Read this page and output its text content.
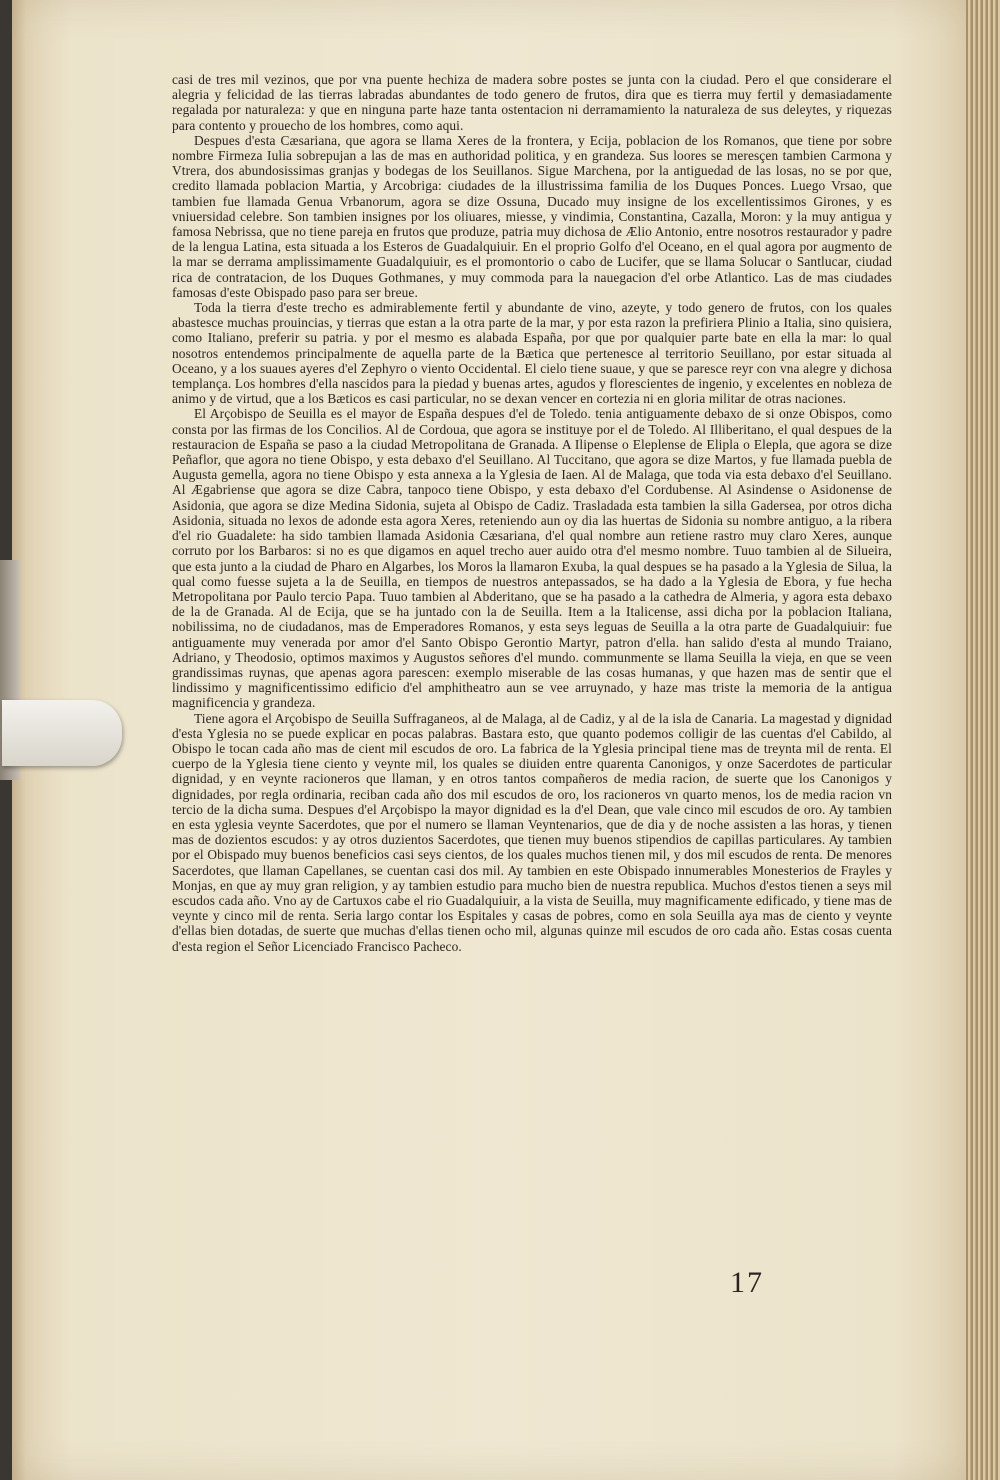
casi de tres mil vezinos, que por vna puente hechiza de madera sobre postes se junta con la ciudad. Pero el que considerare el alegria y felicidad de las tierras labradas abundantes de todo genero de frutos, dira que es tierra muy fertil y demasiadamente regalada por naturaleza: y que en ninguna parte haze tanta ostentacion ni derramamiento la naturaleza de sus deleytes, y riquezas para contento y prouecho de los hombres, como aqui.

Despues d'esta Cæsariana, que agora se llama Xeres de la frontera, y Ecija, poblacion de los Romanos, que tiene por sobre nombre Firmeza Iulia sobrepujan a las de mas en authoridad politica, y en grandeza. Sus loores se meresçen tambien Carmona y Vtrera, dos abundosissimas granjas y bodegas de los Seuillanos. Sigue Marchena, por la antiguedad de las losas, no se por que, credito llamada poblacion Martia, y Arcobriga: ciudades de la illustrissima familia de los Duques Ponces. Luego Vrsao, que tambien fue llamada Genua Vrbanorum, agora se dize Ossuna, Ducado muy insigne de los excellentissimos Girones, y es vniuersidad celebre. Son tambien insignes por los oliuares, miesse, y vindimia, Constantina, Cazalla, Moron: y la muy antigua y famosa Nebrissa, que no tiene pareja en frutos que produze, patria muy dichosa de Ælio Antonio, entre nosotros restaurador y padre de la lengua Latina, esta situada a los Esteros de Guadalquiuir. En el proprio Golfo d'el Oceano, en el qual agora por augmento de la mar se derrama amplissimamente Guadalquiuir, es el promontorio o cabo de Lucifer, que se llama Solucar o Santlucar, ciudad rica de contratacion, de los Duques Gothmanes, y muy commoda para la nauegacion d'el orbe Atlantico. Las de mas ciudades famosas d'este Obispado paso para ser breue.

Toda la tierra d'este trecho es admirablemente fertil y abundante de vino, azeyte, y todo genero de frutos, con los quales abastesce muchas prouincias, y tierras que estan a la otra parte de la mar, y por esta razon la prefiriera Plinio a Italia, sino quisiera, como Italiano, preferir su patria. y por el mesmo es alabada España, por que por qualquier parte bate en ella la mar: lo qual nosotros entendemos principalmente de aquella parte de la Bætica que pertenesce al territorio Seuillano, por estar situada al Oceano, y a los suaues ayeres d'el Zephyro o viento Occidental. El cielo tiene suaue, y que se paresce reyr con vna alegre y dichosa templança. Los hombres d'ella nascidos para la piedad y buenas artes, agudos y florescientes de ingenio, y excelentes en nobleza de animo y de virtud, que a los Bæticos es casi particular, no se dexan vencer en cortezia ni en gloria militar de otras naciones.

El Arçobispo de Seuilla es el mayor de España despues d'el de Toledo. tenia antiguamente debaxo de si onze Obispos, como consta por las firmas de los Concilios. Al de Cordoua, que agora se instituye por el de Toledo. Al Illiberitano, el qual despues de la restauracion de España se paso a la ciudad Metropolitana de Granada. A Ilipense o Eleplense de Elipla o Elepla, que agora se dize Peñaflor, que agora no tiene Obispo, y esta debaxo d'el Seuillano. Al Tuccitano, que agora se dize Martos, y fue llamada puebla de Augusta gemella, agora no tiene Obispo y esta annexa a la Yglesia de Iaen. Al de Malaga, que toda via esta debaxo d'el Seuillano. Al Ægabriense que agora se dize Cabra, tanpoco tiene Obispo, y esta debaxo d'el Cordubense. Al Asindense o Asidonense de Asidonia, que agora se dize Medina Sidonia, sujeta al Obispo de Cadiz. Trasladada esta tambien la silla Gadersea, por otros dicha Asidonia, situada no lexos de adonde esta agora Xeres, reteniendo aun oy dia las huertas de Sidonia su nombre antiguo, a la ribera d'el rio Guadalete: ha sido tambien llamada Asidonia Cæsariana, d'el qual nombre aun retiene rastro muy claro Xeres, aunque corruto por los Barbaros: si no es que digamos en aquel trecho auer auido otra d'el mesmo nombre. Tuuo tambien al de Silueira, que esta junto a la ciudad de Pharo en Algarbes, los Moros la llamaron Exuba, la qual despues se ha pasado a la Yglesia de Silua, la qual como fuesse sujeta a la de Seuilla, en tiempos de nuestros antepassados, se ha dado a la Yglesia de Ebora, y fue hecha Metropolitana por Paulo tercio Papa. Tuuo tambien al Abderitano, que se ha pasado a la cathedra de Almeria, y agora esta debaxo de la de Granada. Al de Ecija, que se ha juntado con la de Seuilla. Item a la Italicense, assi dicha por la poblacion Italiana, nobilissima, no de ciudadanos, mas de Emperadores Romanos, y esta seys leguas de Seuilla a la otra parte de Guadalquiuir: fue antiguamente muy venerada por amor d'el Santo Obispo Gerontio Martyr, patron d'ella. han salido d'esta al mundo Traiano, Adriano, y Theodosio, optimos maximos y Augustos señores d'el mundo. communmente se llama Seuilla la vieja, en que se veen grandissimas ruynas, que apenas agora parescen: exemplo miserable de las cosas humanas, y que hazen mas de sentir que el lindissimo y magnificentissimo edificio d'el amphitheatro aun se vee arruynado, y haze mas triste la memoria de la antigua magnificencia y grandeza.

Tiene agora el Arçobispo de Seuilla Suffraganeos, al de Malaga, al de Cadiz, y al de la isla de Canaria. La magestad y dignidad d'esta Yglesia no se puede explicar en pocas palabras. Bastara esto, que quanto podemos colligir de las cuentas d'el Cabildo, al Obispo le tocan cada año mas de cient mil escudos de oro. La fabrica de la Yglesia principal tiene mas de treynta mil de renta. El cuerpo de la Yglesia tiene ciento y veynte mil, los quales se diuiden entre quarenta Canonigos, y onze Sacerdotes de particular dignidad, y en veynte racioneros que llaman, y en otros tantos compañeros de media racion, de suerte que los Canonigos y dignidades, por regla ordinaria, reciban cada año dos mil escudos de oro, los racioneros vn quarto menos, los de media racion vn tercio de la dicha suma. Despues d'el Arçobispo la mayor dignidad es la d'el Dean, que vale cinco mil escudos de oro. Ay tambien en esta yglesia veynte Sacerdotes, que por el numero se llaman Veyntenarios, que de dia y de noche assisten a las horas, y tienen mas de dozientos escudos: y ay otros duzientos Sacerdotes, que tienen muy buenos stipendios de capillas particulares. Ay tambien por el Obispado muy buenos beneficios casi seys cientos, de los quales muchos tienen mil, y dos mil escudos de renta. De menores Sacerdotes, que llaman Capellanes, se cuentan casi dos mil. Ay tambien en este Obispado innumerables Monesterios de Frayles y Monjas, en que ay muy gran religion, y ay tambien estudio para mucho bien de nuestra republica. Muchos d'estos tienen a seys mil escudos cada año. Vno ay de Cartuxos cabe el rio Guadalquiuir, a la vista de Seuilla, muy magnificamente edificado, y tiene mas de veynte y cinco mil de renta. Seria largo contar los Espitales y casas de pobres, como en sola Seuilla aya mas de ciento y veynte d'ellas bien dotadas, de suerte que muchas d'ellas tienen ocho mil, algunas quinze mil escudos de oro cada año. Estas cosas cuenta d'esta region el Señor Licenciado Francisco Pacheco.

17
